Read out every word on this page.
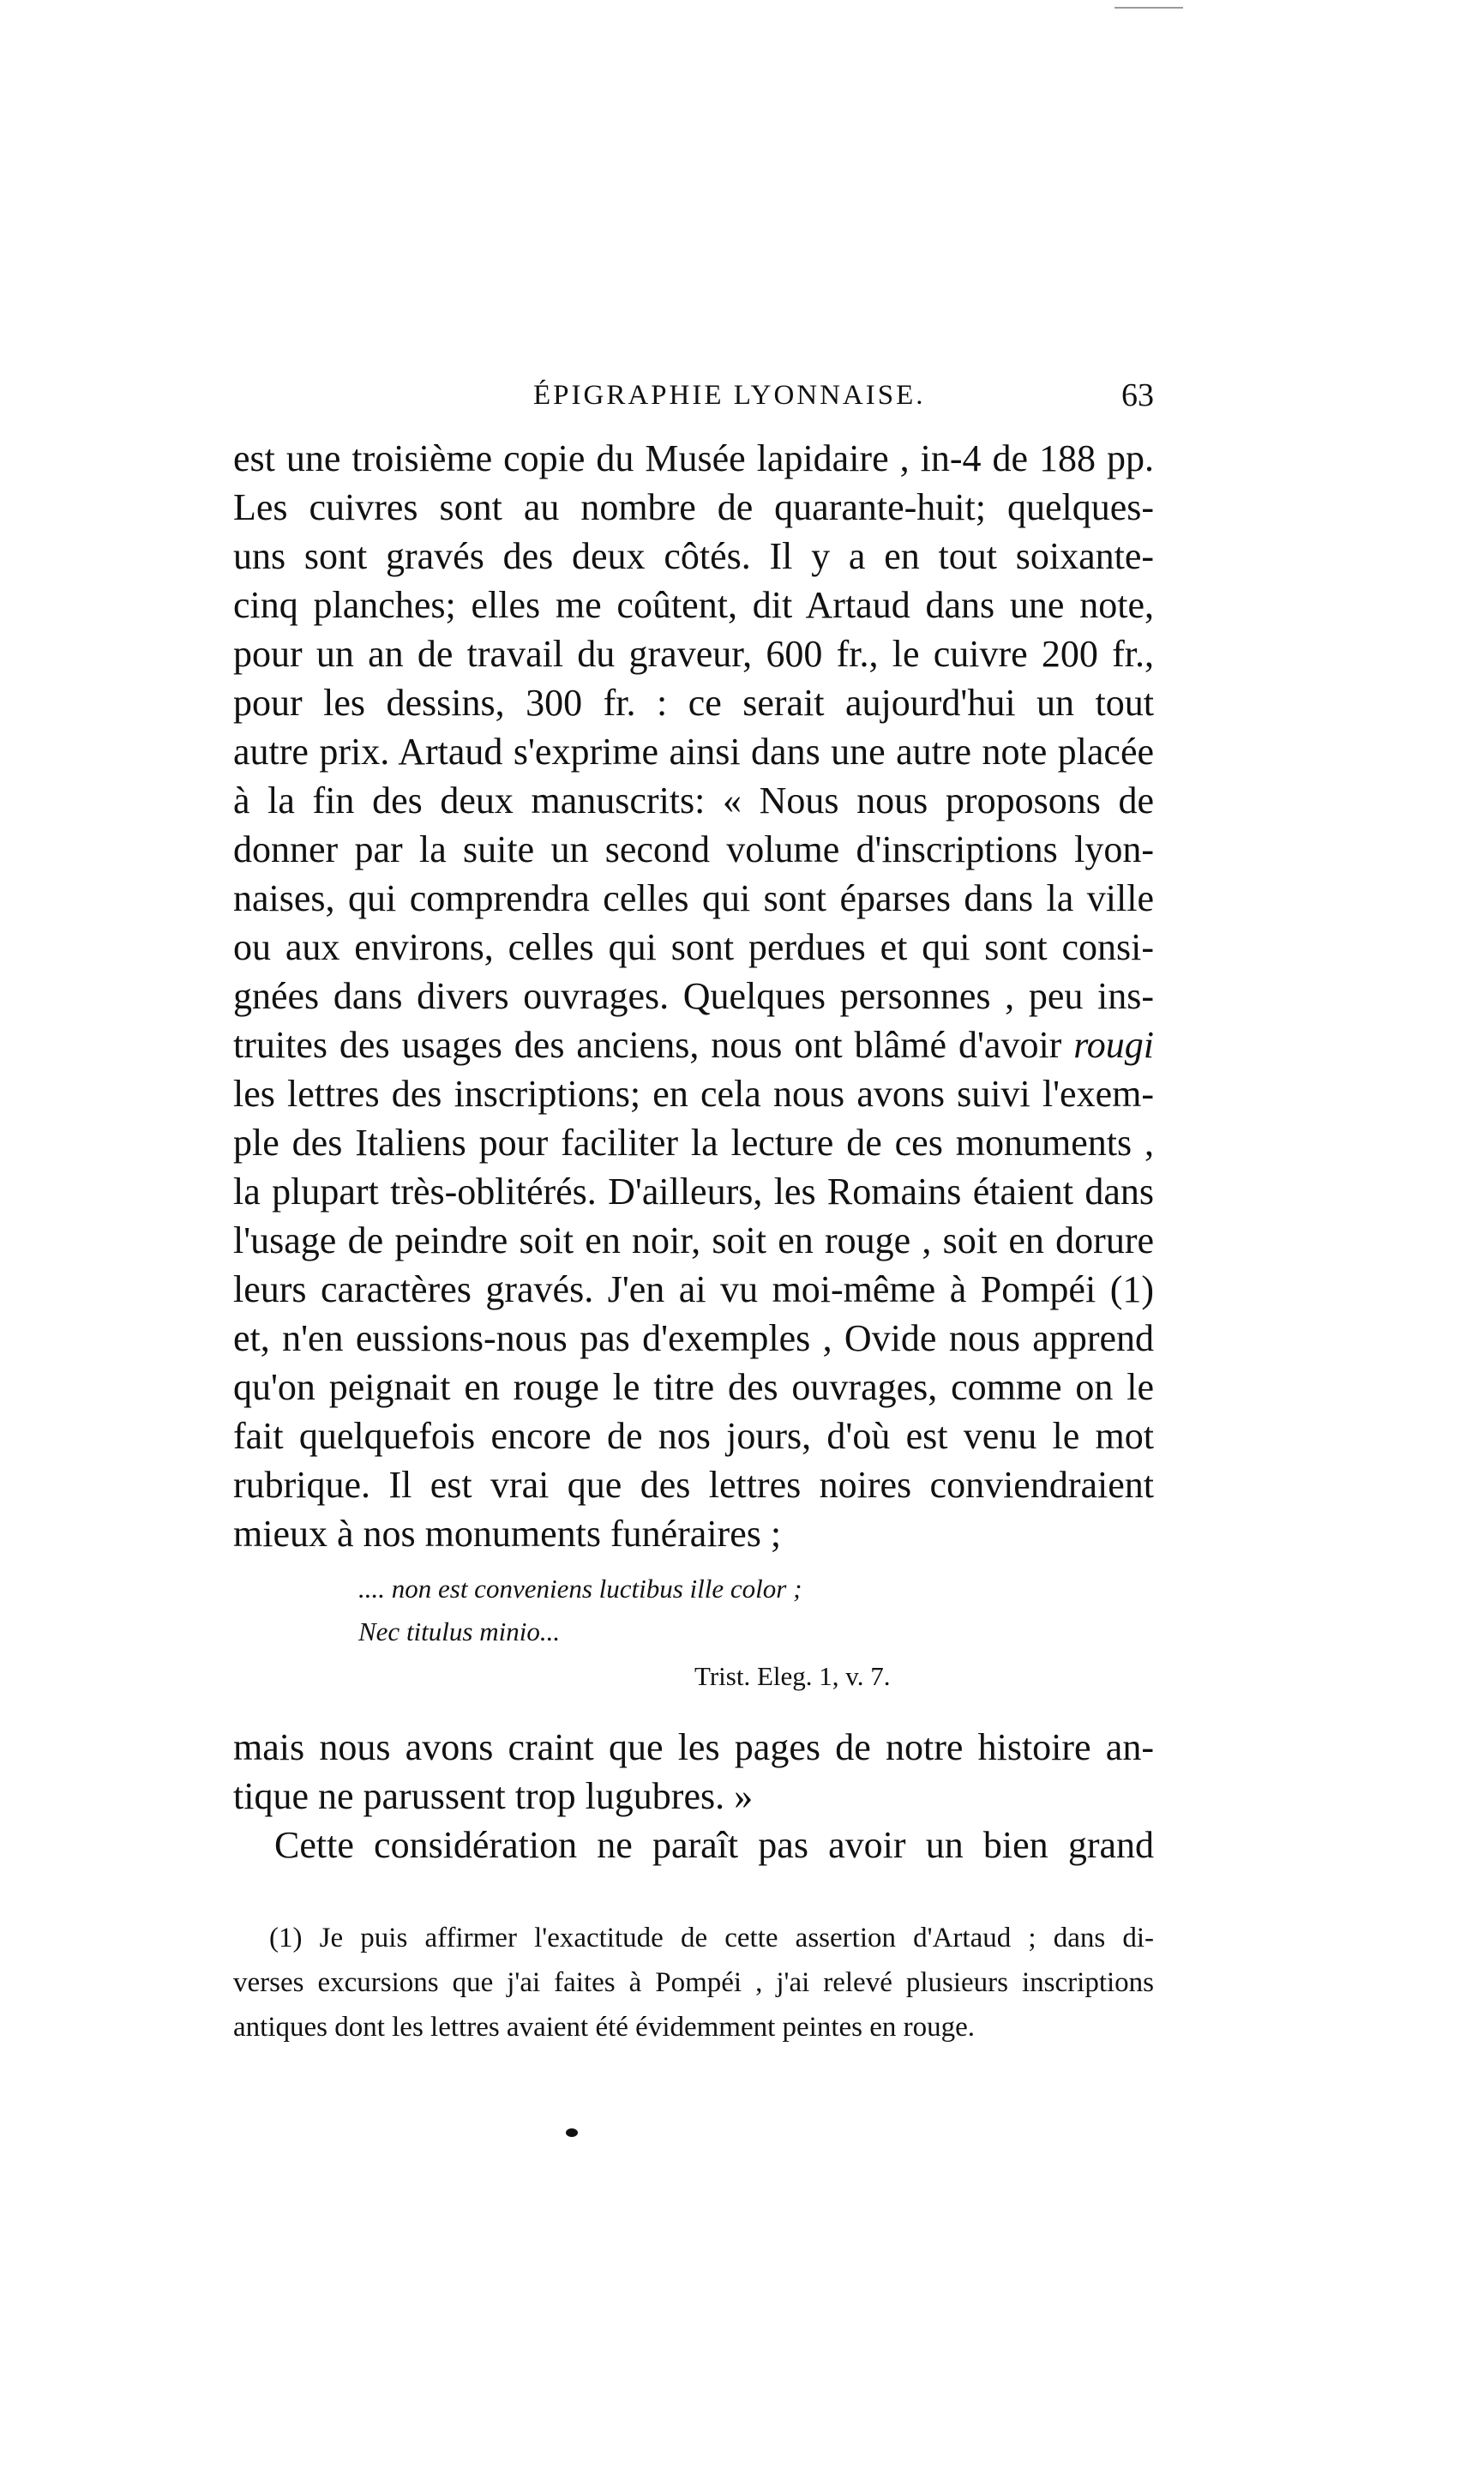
ÉPIGRAPHIE LYONNAISE.	63
est une troisième copie du Musée lapidaire , in-4 de 188 pp.
Les cuivres sont au nombre de quarante-huit; quelques-
uns sont gravés des deux côtés. Il y a en tout soixante-
cinq planches; elles me coûtent, dit Artaud dans une note,
pour un an de travail du graveur, 600 fr., le cuivre 200 fr.,
pour les dessins, 300 fr. : ce serait aujourd'hui un tout
autre prix. Artaud s'exprime ainsi dans une autre note placée
à la fin des deux manuscrits: « Nous nous proposons de
donner par la suite un second volume d'inscriptions lyon-
naises, qui comprendra celles qui sont éparses dans la ville
ou aux environs, celles qui sont perdues et qui sont consi-
gnées dans divers ouvrages. Quelques personnes , peu ins-
truites des usages des anciens, nous ont blâmé d'avoir rougi
les lettres des inscriptions; en cela nous avons suivi l'exem-
ple des Italiens pour faciliter la lecture de ces monuments ,
la plupart très-oblitérés. D'ailleurs, les Romains étaient dans
l'usage de peindre soit en noir, soit en rouge , soit en dorure
leurs caractères gravés. J'en ai vu moi-même à Pompéi (1)
et, n'en eussions-nous pas d'exemples , Ovide nous apprend
qu'on peignait en rouge le titre des ouvrages, comme on le
fait quelquefois encore de nos jours, d'où est venu le mot
rubrique. Il est vrai que des lettres noires conviendraient
mieux à nos monuments funéraires ;
.... non est conveniens luctibus ille color ;
Nec titulus minio...
Trist. Eleg. 1, v. 7.
mais nous avons craint que les pages de notre histoire an-
tique ne parussent trop lugubres. »
Cette considération ne paraît pas avoir un bien grand
(1) Je puis affirmer l'exactitude de cette assertion d'Artaud ; dans di-
verses excursions que j'ai faites à Pompéi , j'ai relevé plusieurs inscriptions
antiques dont les lettres avaient été évidemment peintes en rouge.
